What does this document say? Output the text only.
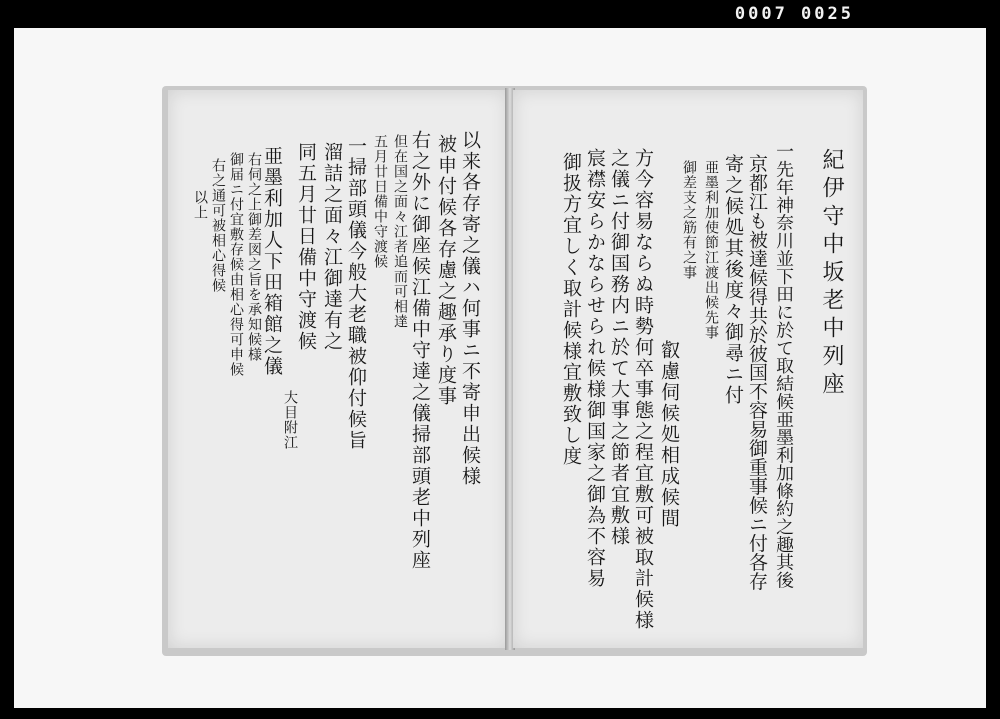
0007 0025
以来各存寄之儀ハ何事ニ不寄申出候様
被申付候各存慮之趣承り度事
右之外に御座候江備中守達之儀掃部頭老中列座
但在国之面々江者追而可相達
五月廿日備中守渡候
一掃部頭儀今般大老職被仰付候旨
溜詰之面々江御達有之
同五月廿日備中守渡候
大目附江
亜墨利加人下田箱館之儀
右伺之上御差図之旨を承知候様
御届ニ付宜敷存候由相心得可申候
右之通可被相心得候
以上	紀伊守中坂老中列座
一先年神奈川並下田に於て取結候亜墨利加條約之趣其後
京都江も被達候得共於彼国不容易御重事候ニ付各存
寄之候処其後度々御尋ニ付
亜墨利加使節江渡出候先事
御差支之筋有之事
叡慮伺候処相成候間
方今容易ならぬ時勢何卒事態之程宜敷可被取計候様
之儀ニ付御国務内ニ於て大事之節者宜敷様
宸襟安らかならせられ候様御国家之御為不容易
御扱方宜しく取計候様宜敷致し度
